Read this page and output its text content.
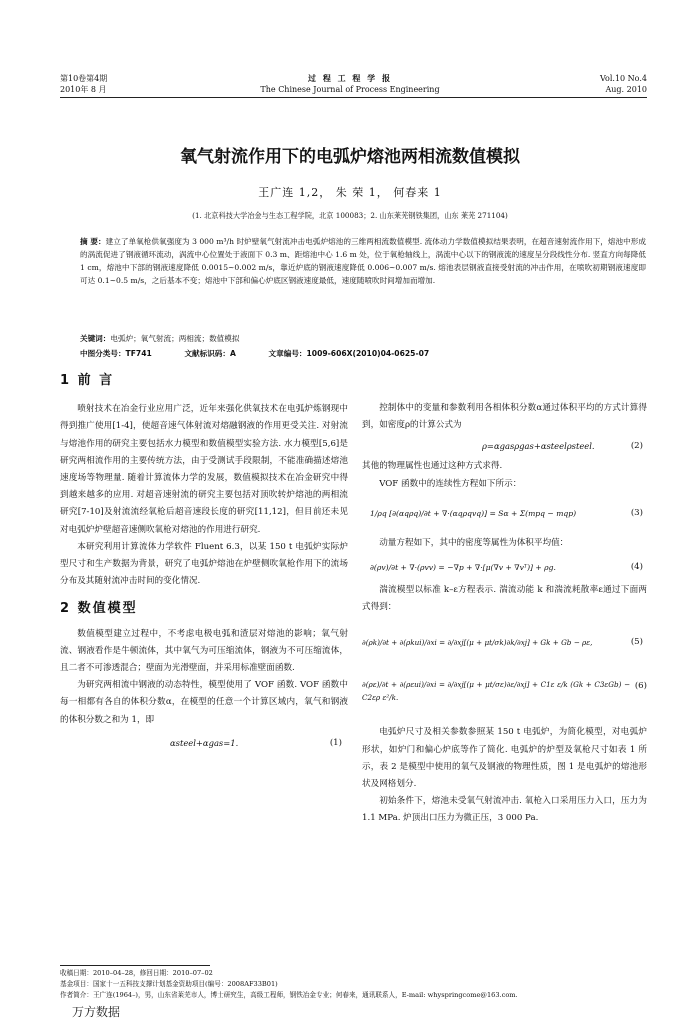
第10卷第4期
2010年 8 月
过 程 工 程 学 报
The Chinese Journal of Process Engineering
Vol.10 No.4
Aug. 2010
氧气射流作用下的电弧炉熔池两相流数值模拟
王广连 1,2， 朱 荣 1， 何春来 1
(1. 北京科技大学冶金与生态工程学院，北京 100083；2. 山东莱芜钢铁集团，山东 莱芜 271104)
摘 要：建立了单氧枪供氧强度为 3 000 m³/h 时炉壁氧气射流冲击电弧炉熔池的三维两相流数值模型. 流体动力学数值模拟结果表明，在超音速射流作用下，熔池中形成的涡流促进了钢液循环流动，涡流中心位置处于液面下 0.3 m、距熔池中心 1.6 m 处，位于氧枪轴线上，涡流中心以下的钢液流的速度呈分段线性分布. 竖直方向每降低 1 cm，熔池中下部的钢液速度降低 0.0015~0.002 m/s，靠近炉底的钢液速度降低 0.006~0.007 m/s. 熔池表层钢液直接受射流的冲击作用，在喷吹初期钢液速度即可达 0.1~0.5 m/s，之后基本不变；熔池中下部和偏心炉底区钢液速度最低，速度随喷吹时间增加而增加.
关键词：电弧炉；氧气射流；两相流；数值模拟
中图分类号：TF741	文献标识码：A	文章编号：1009-606X(2010)04-0625-07
1 前 言
喷射技术在冶金行业应用广泛，近年来强化供氧技术在电弧炉炼钢现中得到推广使用[1-4]，使超音速气体射流对熔融钢液的作用更受关注. 对射流与熔池作用的研究主要包括水力模型和数值模型实验方法. 水力模型[5,6]是研究两相流作用的主要传统方法，由于受测试手段限制，不能准确描述熔池速度场等物理量. 随着计算流体力学的发展，数值模拟技术在冶金研究中得到越来越多的应用. 对超音速射流的研究主要包括对顶吹转炉熔池的两相流研究[7-10]及射流流经氧枪后超音速段长度的研究[11,12]，但目前还未见对电弧炉炉壁超音速侧吹氧枪对熔池的作用进行研究.
本研究利用计算流体力学软件 Fluent 6.3，以某 150 t 电弧炉实际炉型尺寸和生产数据为背景，研究了电弧炉熔池在炉壁侧吹氧枪作用下的流场分布及其随射流冲击时间的变化情况.
2 数值模型
数值模型建立过程中，不考虑电极电弧和渣层对熔池的影响；氧气射流、钢液看作是牛顿流体，其中氧气为可压缩流体，钢液为不可压缩流体，且二者不可渗透混合；壁面为光滑壁面，并采用标准壁面函数.
为研究两相流中钢液的动态特性，模型使用了 VOF 函数. VOF 函数中每一相都有各自的体积分数α，在模型的任意一个计算区域内，氧气和钢液的体积分数之和为 1，即
αsteel+αgas=1.	(1)
控制体中的变量和参数利用各相体积分数α通过体积平均的方式计算得到，如密度ρ的计算公式为
ρ=αgasρgas+αsteelρsteel.	(2)
其他的物理属性也通过这种方式求得.
VOF 函数中的连续性方程如下所示：
1/ρq [∂(αqρq)/∂t + ∇·(αqρqvq)] = Sα + Σ(mpq − mqp)	(3)
动量方程如下，其中的密度等属性为体积平均值：
∂(ρv)/∂t + ∇·(ρvv) = −∇p + ∇·[μ(∇v + ∇vᵀ)] + ρg.	(4)
湍流模型以标准 k–ε方程表示. 湍流动能 k 和湍流耗散率ε通过下面两式得到：
∂(ρk)/∂t + ∂(ρkui)/∂xi = ∂/∂xj[(μ + μt/σk)∂k/∂xj] + Gk + Gb − ρε,	(5)
∂(ρε)/∂t + ∂(ρεui)/∂xi = ∂/∂xj[(μ + μt/σε)∂ε/∂xj] + C1ε ε/k (Gk + C3εGb) − C2ερ ε²/k.
(6)
电弧炉尺寸及相关参数参照某 150 t 电弧炉，为简化模型，对电弧炉形状，如炉门和偏心炉底等作了简化. 电弧炉的炉型及氧枪尺寸如表 1 所示，表 2 是模型中使用的氧气及钢液的物理性质，图 1 是电弧炉的熔池形状及网格划分.
初始条件下，熔池未受氧气射流冲击. 氧枪入口采用压力入口，压力为 1.1 MPa. 炉顶出口压力为微正压，3 000 Pa.
收稿日期：2010–04–28，修回日期：2010–07–02
基金项目：国家十一五科技支撑计划基金资助项目(编号：2008AF33B01)
作者简介：王广连(1964–)，男，山东省莱芜市人，博士研究生，高级工程师，钢铁冶金专业；何春来，通讯联系人，E-mail: whyspringcome@163.com.
万方数据
